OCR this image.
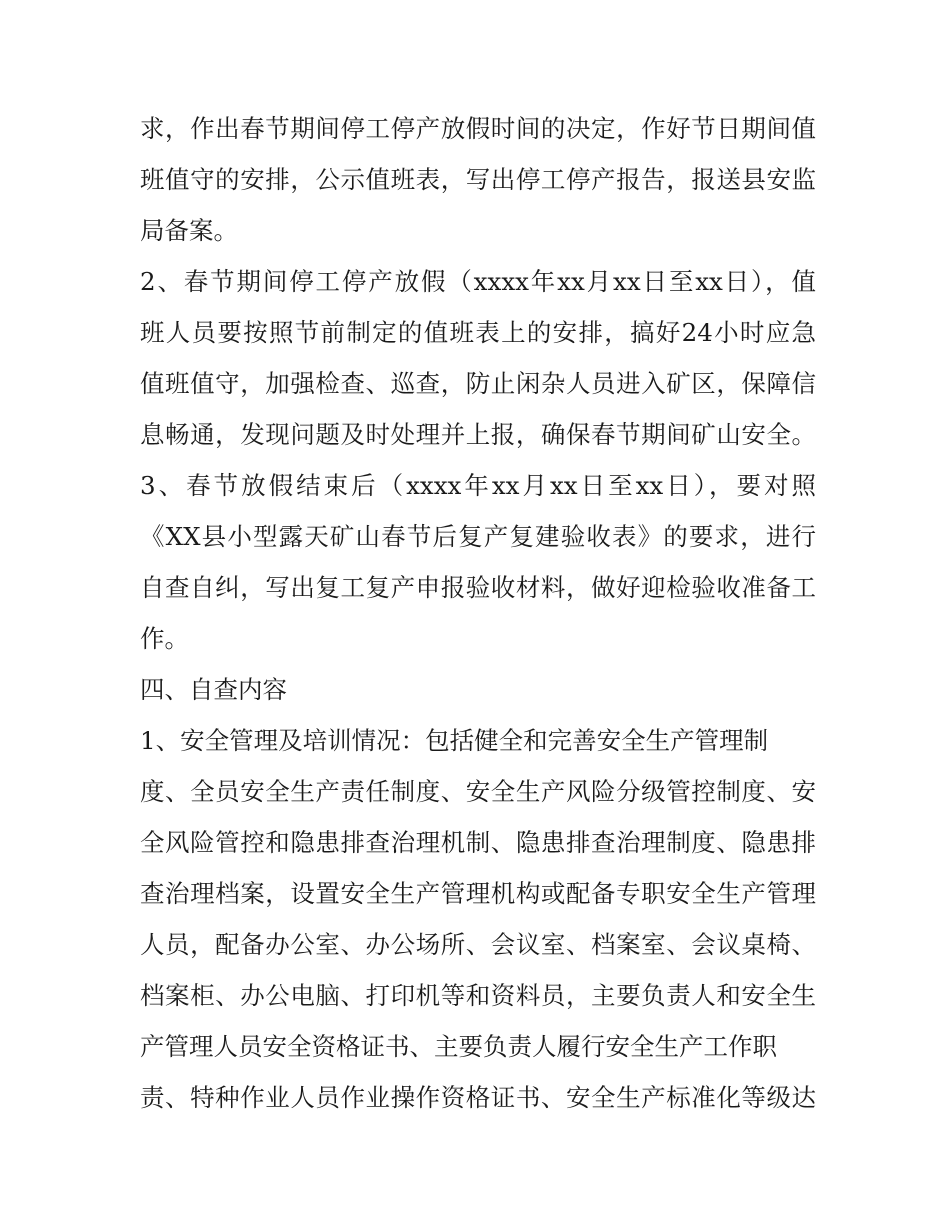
求，作出春节期间停工停产放假时间的决定，作好节日期间值
班值守的安排，公示值班表，写出停工停产报告，报送县安监
局备案。
2、春节期间停工停产放假（xxxx年xx月xx日至xx日），值
班人员要按照节前制定的值班表上的安排，搞好24小时应急
值班值守，加强检查、巡查，防止闲杂人员进入矿区，保障信
息畅通，发现问题及时处理并上报，确保春节期间矿山安全。
3、春节放假结束后（xxxx年xx月xx日至xx日），要对照
《XX县小型露天矿山春节后复产复建验收表》的要求，进行
自查自纠，写出复工复产申报验收材料，做好迎检验收准备工
作。
四、自查内容
1、安全管理及培训情况：包括健全和完善安全生产管理制
度、全员安全生产责任制度、安全生产风险分级管控制度、安
全风险管控和隐患排查治理机制、隐患排查治理制度、隐患排
查治理档案，设置安全生产管理机构或配备专职安全生产管理
人员，配备办公室、办公场所、会议室、档案室、会议桌椅、
档案柜、办公电脑、打印机等和资料员，主要负责人和安全生
产管理人员安全资格证书、主要负责人履行安全生产工作职
责、特种作业人员作业操作资格证书、安全生产标准化等级达
